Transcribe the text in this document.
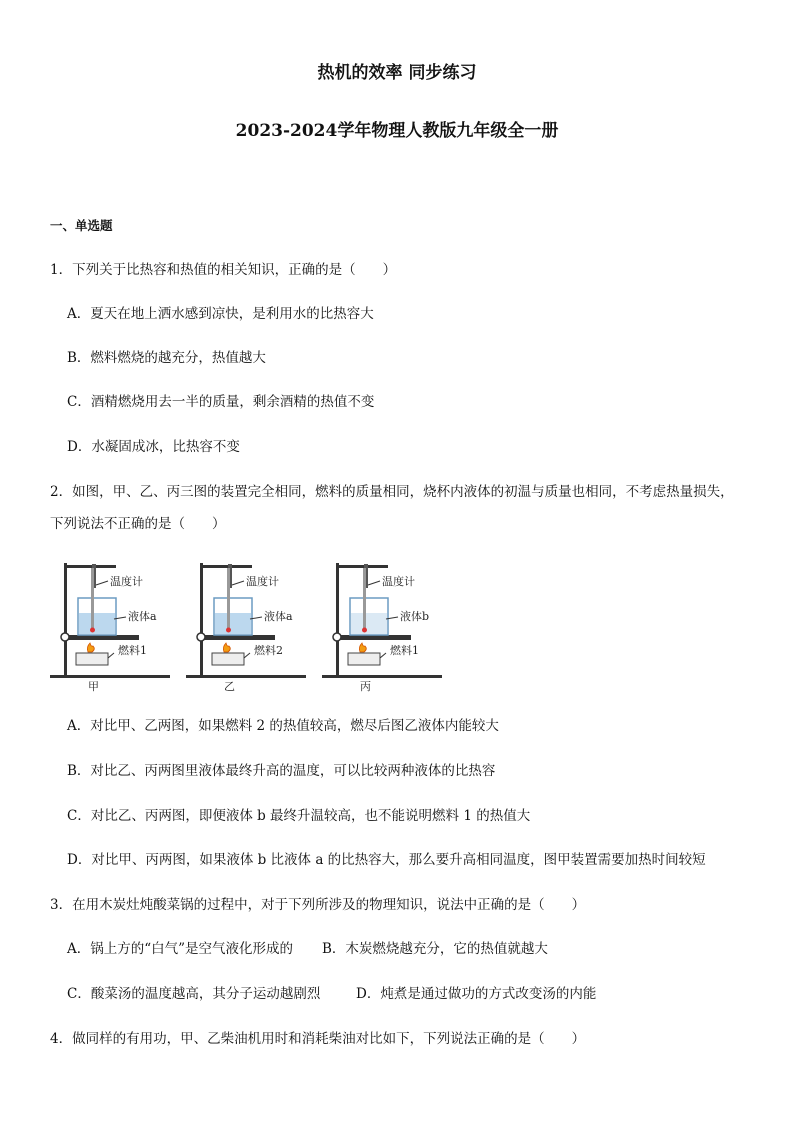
热机的效率 同步练习
2023-2024学年物理人教版九年级全一册
一、单选题
1．下列关于比热容和热值的相关知识，正确的是（　　）
A．夏天在地上洒水感到凉快，是利用水的比热容大
B．燃料燃烧的越充分，热值越大
C．酒精燃烧用去一半的质量，剩余酒精的热值不变
D．水凝固成冰，比热容不变
2．如图，甲、乙、丙三图的装置完全相同，燃料的质量相同，烧杯内液体的初温与质量也相同，不考虑热量损失，
下列说法不正确的是（　　）
温度计
液体a
燃料1
甲
温度计
液体a
燃料2
乙
温度计
液体b
燃料1
丙
A．对比甲、乙两图，如果燃料 2 的热值较高，燃尽后图乙液体内能较大
B．对比乙、丙两图里液体最终升高的温度，可以比较两种液体的比热容
C．对比乙、丙两图，即便液体 b 最终升温较高，也不能说明燃料 1 的热值大
D．对比甲、丙两图，如果液体 b 比液体 a 的比热容大，那么要升高相同温度，图甲装置需要加热时间较短
3．在用木炭灶炖酸菜锅的过程中，对于下列所涉及的物理知识，说法中正确的是（　　）
A．锅上方的“白气”是空气液化形成的 B．木炭燃烧越充分，它的热值就越大
C．酸菜汤的温度越高，其分子运动越剧烈	D．炖煮是通过做功的方式改变汤的内能
4．做同样的有用功，甲、乙柴油机用时和消耗柴油对比如下，下列说法正确的是（　　）
